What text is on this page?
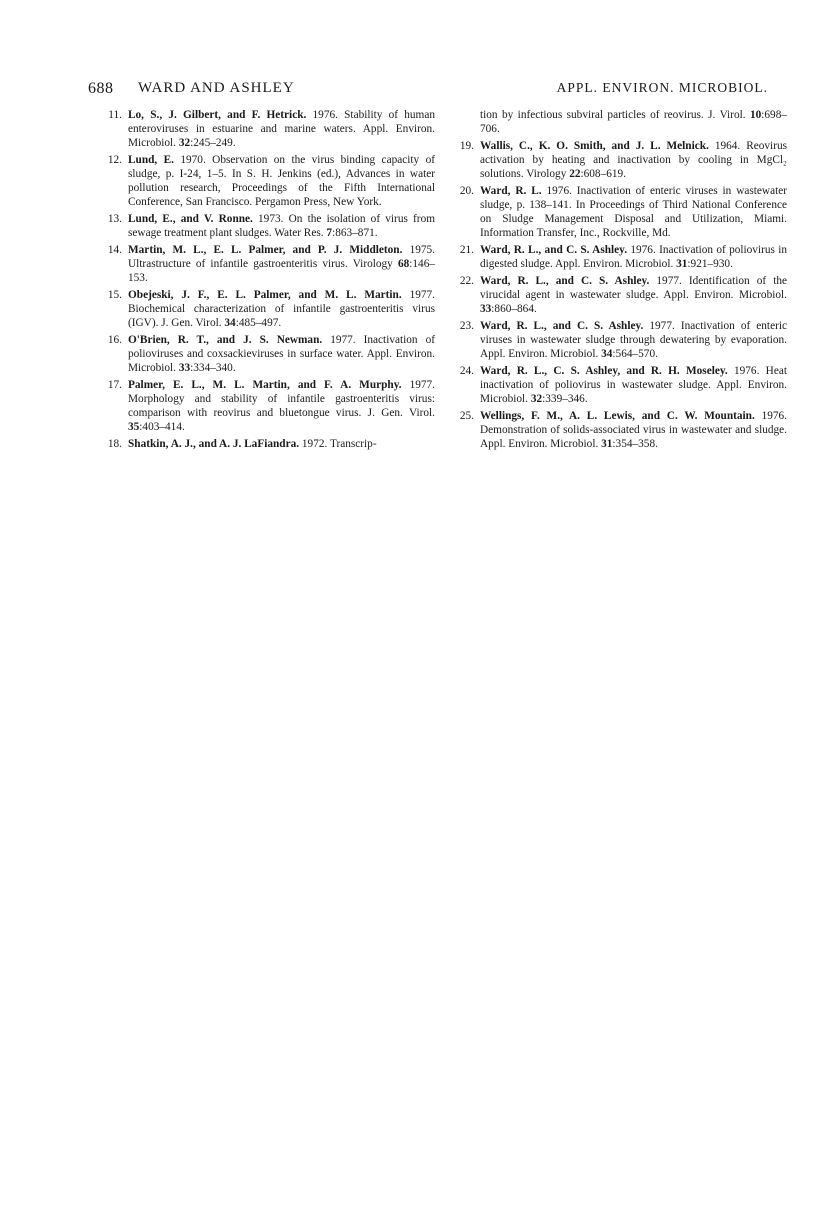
688 WARD AND ASHLEY	APPL. ENVIRON. MICROBIOL.
11. Lo, S., J. Gilbert, and F. Hetrick. 1976. Stability of human enteroviruses in estuarine and marine waters. Appl. Environ. Microbiol. 32:245–249.
12. Lund, E. 1970. Observation on the virus binding capacity of sludge, p. I-24, 1–5. In S. H. Jenkins (ed.), Advances in water pollution research, Proceedings of the Fifth International Conference, San Francisco. Pergamon Press, New York.
13. Lund, E., and V. Ronne. 1973. On the isolation of virus from sewage treatment plant sludges. Water Res. 7:863–871.
14. Martin, M. L., E. L. Palmer, and P. J. Middleton. 1975. Ultrastructure of infantile gastroenteritis virus. Virology 68:146–153.
15. Obejeski, J. F., E. L. Palmer, and M. L. Martin. 1977. Biochemical characterization of infantile gastroenteritis virus (IGV). J. Gen. Virol. 34:485–497.
16. O'Brien, R. T., and J. S. Newman. 1977. Inactivation of polioviruses and coxsackieviruses in surface water. Appl. Environ. Microbiol. 33:334–340.
17. Palmer, E. L., M. L. Martin, and F. A. Murphy. 1977. Morphology and stability of infantile gastroenteritis virus: comparison with reovirus and bluetongue virus. J. Gen. Virol. 35:403–414.
18. Shatkin, A. J., and A. J. LaFiandra. 1972. Transcrip-
tion by infectious subviral particles of reovirus. J. Virol. 10:698–706.
19. Wallis, C., K. O. Smith, and J. L. Melnick. 1964. Reovirus activation by heating and inactivation by cooling in MgCl₂ solutions. Virology 22:608–619.
20. Ward, R. L. 1976. Inactivation of enteric viruses in wastewater sludge, p. 138–141. In Proceedings of Third National Conference on Sludge Management Disposal and Utilization, Miami. Information Transfer, Inc., Rockville, Md.
21. Ward, R. L., and C. S. Ashley. 1976. Inactivation of poliovirus in digested sludge. Appl. Environ. Microbiol. 31:921–930.
22. Ward, R. L., and C. S. Ashley. 1977. Identification of the virucidal agent in wastewater sludge. Appl. Environ. Microbiol. 33:860–864.
23. Ward, R. L., and C. S. Ashley. 1977. Inactivation of enteric viruses in wastewater sludge through dewatering by evaporation. Appl. Environ. Microbiol. 34:564–570.
24. Ward, R. L., C. S. Ashley, and R. H. Moseley. 1976. Heat inactivation of poliovirus in wastewater sludge. Appl. Environ. Microbiol. 32:339–346.
25. Wellings, F. M., A. L. Lewis, and C. W. Mountain. 1976. Demonstration of solids-associated virus in wastewater and sludge. Appl. Environ. Microbiol. 31:354–358.
